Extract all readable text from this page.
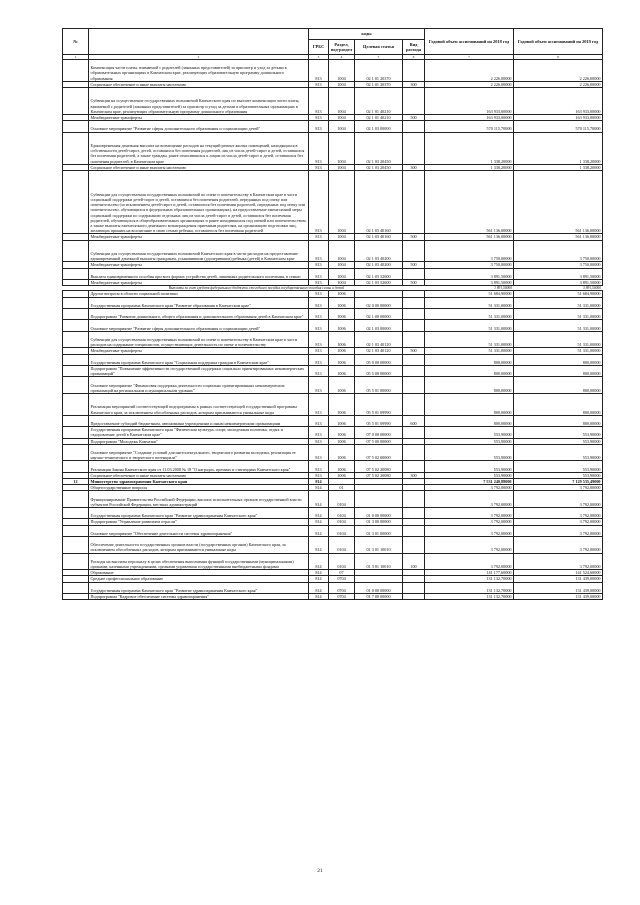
№		коды				Годовой объем ассигнований на 2018 год	Годовой объем ассигнований на 2019 год
		ГРБС	Раздел, под-раздел	Целевая статья	Вид расхода		
1	2	3	4	5	6	7	8
	Компенсация части платы, взимаемой с родителей (законных представителей) за присмотр и уход за детьми в образовательных организациях в Камчатском крае, реализующих образовательную программу дошкольного образования	813	1004	02 1 01 20370		2 226,00000	2 226,00000
	Социальное обеспечение и иные выплаты населению	813	1004	02 1 01 20370	300	2 226,00000	2 226,00000
	Субвенции на осуществление государственных полномочий Камчатского края по выплате компенсации части платы, взимаемой с родителей (законных представителей) за присмотр и уход за детьми в образовательных организациях в Камчатском крае, реализующих образовательную программу дошкольного образования	813	1004	02 1 01 40210		163 933,00000	163 933,00000
	Межбюджетные трансферты	813	1004	02 1 01 40210	500	163 933,00000	163 933,00000
	Основное мероприятие "Развитие сферы дополнительного образования и социализации детей"	813	1004	02 1 03 00000		570 115,70000	570 115,70000
	Единовременная денежная выплата на возмещение расходов на текущий ремонт жилых помещений, находящихся в собственности детей-сирот, детей, оставшихся без попечения родителей, лиц из числа детей-сирот и детей, оставшихся без попечения родителей, а также граждан, ранее относившихся к лицам из числа детей-сирот и детей, оставшихся без попечения родителей, в Камчатском крае	813	1004	02 1 03 20450		1 338,20000	1 338,20000
	Социальное обеспечение и иные выплаты населению	813	1004	02 1 03 20450	300	1 338,20000	1 338,20000
	Субвенции для осуществления государственных полномочий по опеке и попечительству в Камчатском крае в части социальной поддержки детей-сирот и детей, оставшихся без попечения родителей, переданных под опеку или попечительство (за исключением детей-сирот и детей, оставшихся без попечения родителей, переданных под опеку или попечительство, обучающихся в федеральных образовательных организациях), на предоставление ежемесячной меры социальной поддержки по содержанию отдельных лиц из числа детей-сирот и детей, оставшихся без попечения родителей, обучающихся в общеобразовательных организациях и ранее находившихся под опекой или попечительством, а также выплаты ежемесячного денежного вознаграждения приемным родителям, на организацию подготовки лиц, желающих принять на воспитание в свою семью ребенка, оставшегося без попечения родителей	813	1004	02 1 03 40160		561 136,00000	561 136,00000
	Межбюджетные трансферты	813	1004	02 1 03 40160	500	561 136,00000	561 136,00000
	Субвенции для осуществления государственных полномочий Камчатского края в части расходов на предоставление единовременной денежной выплаты гражданам, усыновившим (удочерившим) ребенка (детей) в Камчатском крае	813	1004	02 1 03 40200		3 750,00000	3 750,00000
	Межбюджетные трансферты	813	1004	02 1 03 40200	500	3 750,00000	3 750,00000
	Выплата единовременного пособия при всех формах устройства детей, лишенных родительского попечения, в семью	813	1004	02 1 03 52600		3 891,50000	3 891,50000
	Межбюджетные трансферты	813	1004	02 1 03 52600	500	3 891,50000	3 891,50000
	Выплаты за счет средств федерального бюджета ежегодного пособия государственного пособия семьи и детей					3 891,50000	3 891,50000
	Другие вопросы в области социальной политики	813	1006			51 684,90000	51 684,90000
	Государственная программа Камчатского края "Развитие образования в Камчатском крае"	813	1006	02 0 00 00000		51 331,00000	51 331,00000
	Подпрограмма "Развитие дошкольного, общего образования и дополнительного образования детей в Камчатском крае"	813	1006	02 1 00 00000		51 331,00000	51 331,00000
	Основное мероприятие "Развитие сферы дополнительного образования и социализации детей"	813	1006	02 1 03 00000		51 331,00000	51 331,00000
	Субвенции для осуществления государственных полномочий по опеке и попечительству в Камчатском крае в части расходов на содержание специалистов, осуществляющих деятельность по опеке и попечительству	813	1006	02 1 03 40120		51 331,00000	51 331,00000
	Межбюджетные трансферты	813	1006	02 1 03 40120	500	51 331,00000	51 331,00000
	Государственная программа Камчатского края "Социальная поддержка граждан в Камчатском крае"	813	1006	05 0 00 00000		800,00000	800,00000
	Подпрограмма "Повышение эффективности государственной поддержки социально ориентированных некоммерческих организаций"	813	1006	05 5 00 00000		800,00000	800,00000
	Основное мероприятие "Финансовая поддержка деятельности социально ориентированных некоммерческих организаций на региональном и муниципальном уровнях"	813	1006	05 5 01 00000		800,00000	800,00000
	Реализация мероприятий соответствующей подпрограммы в рамках соответствующей государственной программы Камчатского края, за исключением обособленных расходов, которым присваиваются уникальные коды	813	1006	05 5 01 09990		800,00000	800,00000
	Предоставление субсидий бюджетным, автономным учреждениям и иным некоммерческим организациям	813	1006	05 5 01 09990	600	800,00000	800,00000
	Государственная программа Камчатского края "Физическая культура, спорт, молодежная политика, отдых и оздоровление детей в Камчатском крае"	813	1006	07 0 00 00000		553,90000	553,90000
	Подпрограмма "Молодежь Камчатки"	813	1006	07 5 00 00000		553,90000	553,90000
	Основное мероприятие "Создание условий для интеллектуального, творческого развития молодежи, реализация ее научно-технического и творческого потенциала"	813	1006	07 5 02 00000		553,90000	553,90000
	Реализация Закона Камчатского края от 11.03.2008 № 18 "О наградах, премиях и стипендиях Камчатского края"	813	1006	07 5 02 20080		553,90000	553,90000
	Социальное обеспечение и иные выплаты населению	813	1006	07 5 02 20080	300	553,90000	553,90000
12	Министерство здравоохранения Камчатского края	814				7 531 240,88000	7 129 535,49000
	Общегосударственные вопросы	814	01			3 792,00000	3 792,00000
	Функционирование Правительства Российской Федерации, высших исполнительных органов государственной власти субъектов Российской Федерации, местных администраций	814	0104			3 792,00000	3 792,00000
	Государственная программа Камчатского края "Развитие здравоохранения Камчатского края"	814	0104	01 0 00 00000		3 792,00000	3 792,00000
	Подпрограмма "Управление развитием отрасли"	814	0104	01 3 00 00000		3 792,00000	3 792,00000
	Основное мероприятие "Обеспечение деятельности системы здравоохранения"	814	0104	01 3 01 00000		3 792,00000	3 792,00000
	Обеспечение деятельности государственных органов власти (государственных органов) Камчатского края, за исключением обособленных расходов, которым присваиваются уникальные коды	814	0104	01 3 01 10010		3 792,00000	3 792,00000
	Расходы на выплаты персоналу в целях обеспечения выполнения функций государственными (муниципальными) органами, казенными учреждениями, органами управления государственными внебюджетными фондами	814	0104	01 3 01 10010	100	3 792,00000	3 792,00000
	Образование	814	07			141 177,60000	141 524,60000
	Среднее профессиональное образование	814	0704			131 132,70000	131 439,00000
	Государственная программа Камчатского края "Развитие здравоохранения Камчатского края"	814	0704	01 0 00 00000		131 132,70000	131 439,00000
	Подпрограмма "Кадровое обеспечение системы здравоохранения"	814	0704	01 7 00 00000		131 132,70000	131 439,00000
21
